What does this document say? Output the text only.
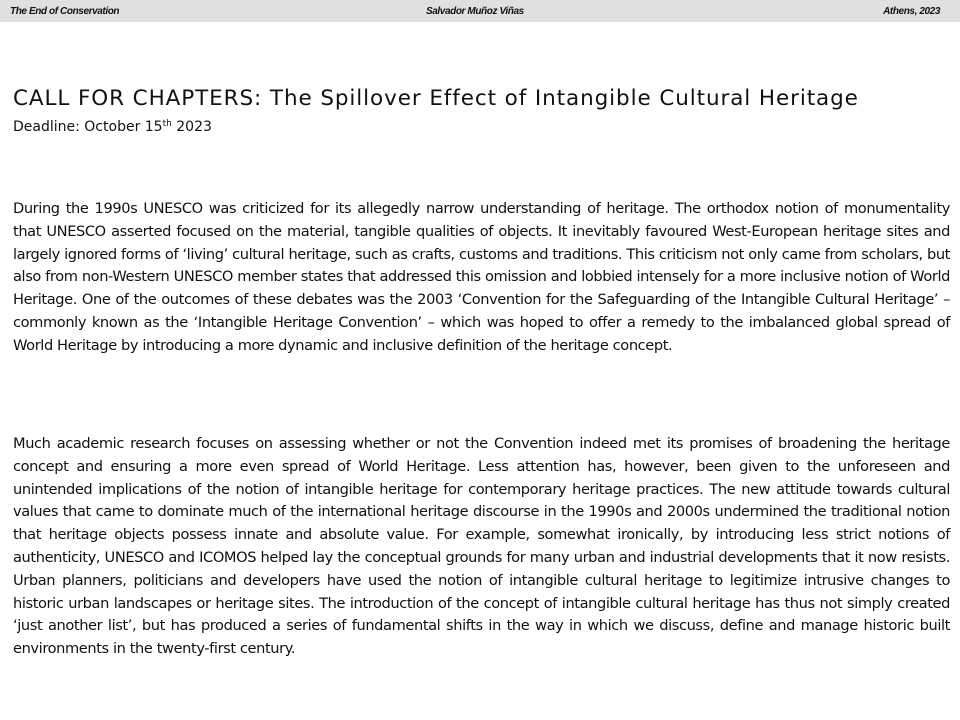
The End of Conservation	Salvador Muñoz Viñas	Athens, 2023
CALL FOR CHAPTERS: The Spillover Effect of Intangible Cultural Heritage
Deadline: October 15th 2023

During the 1990s UNESCO was criticized for its allegedly narrow understanding of heritage. The orthodox notion of monumentality that UNESCO asserted focused on the material, tangible qualities of objects. It inevitably favoured West-European heritage sites and largely ignored forms of ‘living’ cultural heritage, such as crafts, customs and traditions. This criticism not only came from scholars, but also from non-Western UNESCO member states that addressed this omission and lobbied intensely for a more inclusive notion of World Heritage. One of the outcomes of these debates was the 2003 ‘Convention for the Safeguarding of the Intangible Cultural Heritage’ – commonly known as the ‘Intangible Heritage Convention’ – which was hoped to offer a remedy to the imbalanced global spread of World Heritage by introducing a more dynamic and inclusive definition of the heritage concept.

Much academic research focuses on assessing whether or not the Convention indeed met its promises of broadening the heritage concept and ensuring a more even spread of World Heritage. Less attention has, however, been given to the unforeseen and unintended implications of the notion of intangible heritage for contemporary heritage practices. The new attitude towards cultural values that came to dominate much of the international heritage discourse in the 1990s and 2000s undermined the traditional notion that heritage objects possess innate and absolute value. For example, somewhat ironically, by introducing less strict notions of authenticity, UNESCO and ICOMOS helped lay the conceptual grounds for many urban and industrial developments that it now resists. Urban planners, politicians and developers have used the notion of intangible cultural heritage to legitimize intrusive changes to historic urban landscapes or heritage sites. The introduction of the concept of intangible cultural heritage has thus not simply created ‘just another list’, but has produced a series of fundamental shifts in the way in which we discuss, define and manage historic built environments in the twenty-first century.
